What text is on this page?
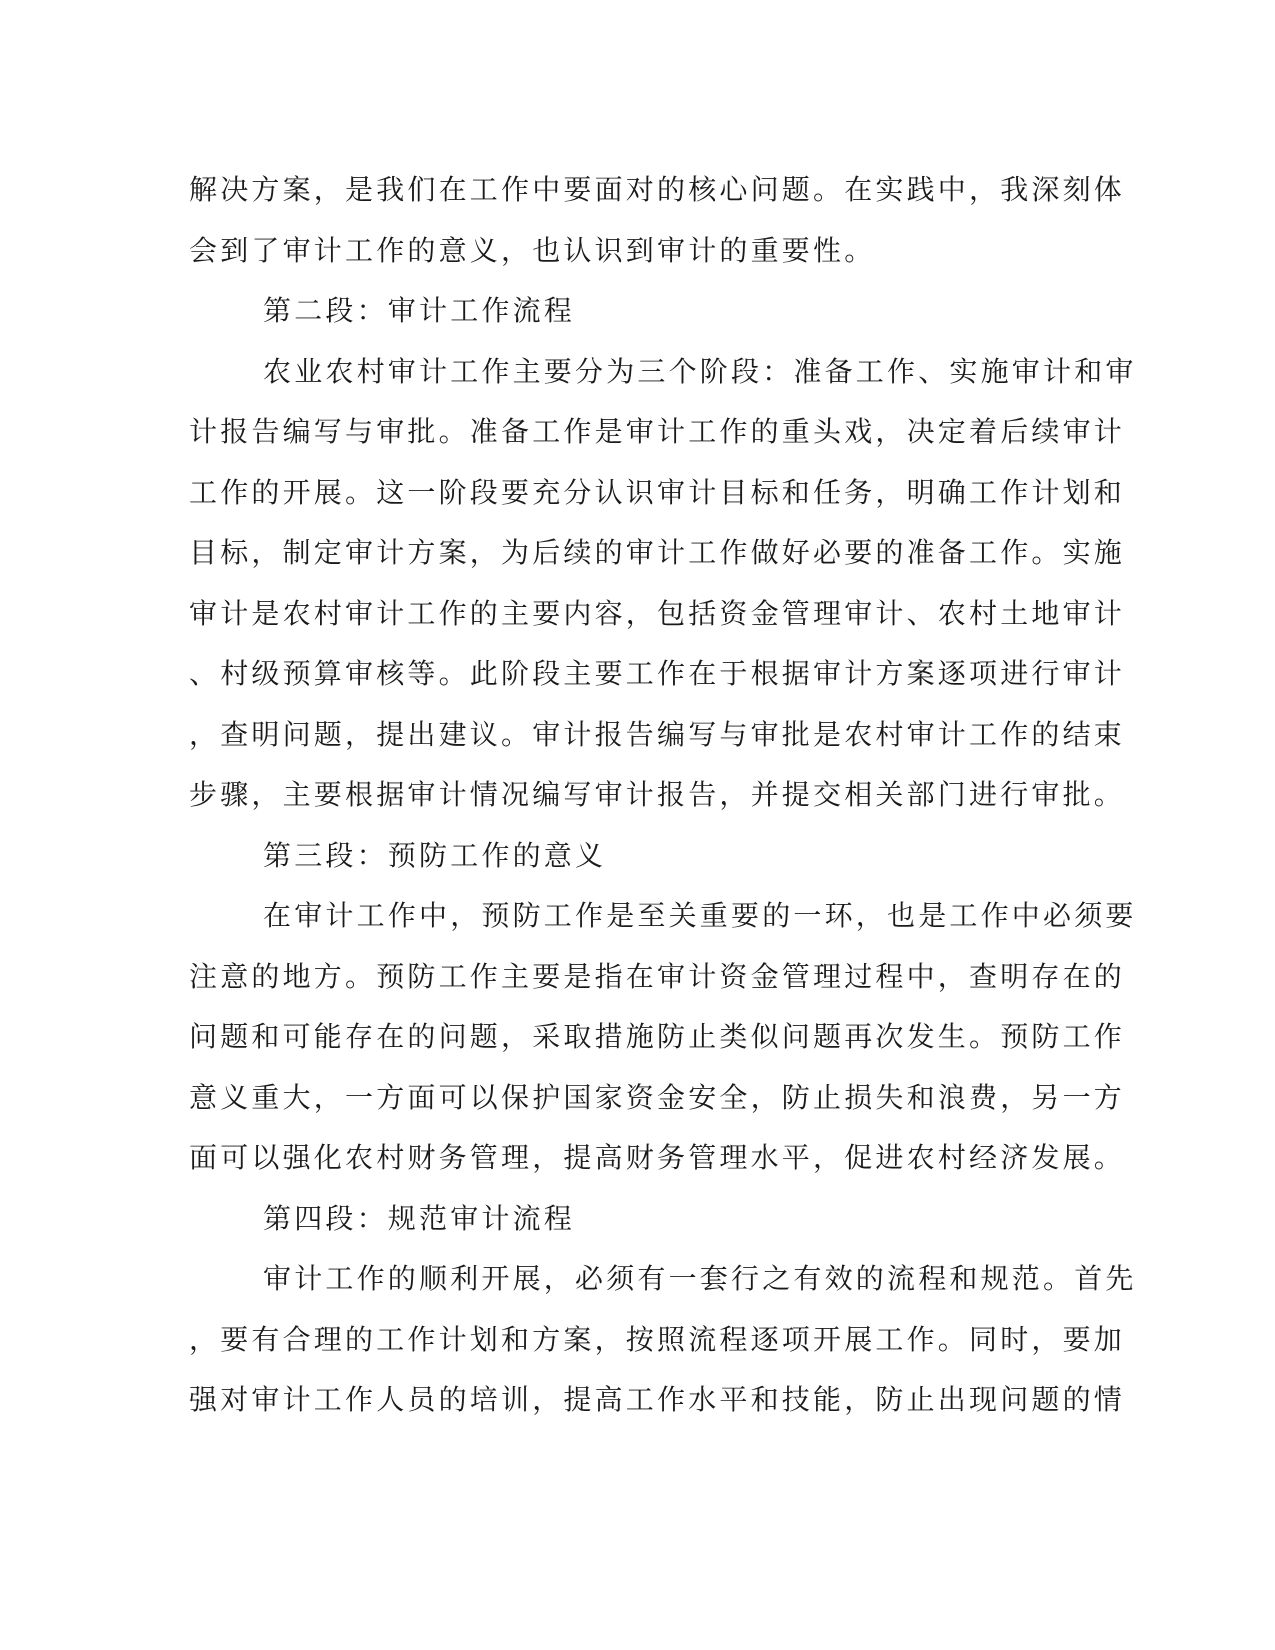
解决方案，是我们在工作中要面对的核心问题。在实践中，我深刻体
会到了审计工作的意义，也认识到审计的重要性。
第二段：审计工作流程
农业农村审计工作主要分为三个阶段：准备工作、实施审计和审
计报告编写与审批。准备工作是审计工作的重头戏，决定着后续审计
工作的开展。这一阶段要充分认识审计目标和任务，明确工作计划和
目标，制定审计方案，为后续的审计工作做好必要的准备工作。实施
审计是农村审计工作的主要内容，包括资金管理审计、农村土地审计
、村级预算审核等。此阶段主要工作在于根据审计方案逐项进行审计
，查明问题，提出建议。审计报告编写与审批是农村审计工作的结束
步骤，主要根据审计情况编写审计报告，并提交相关部门进行审批。
第三段：预防工作的意义
在审计工作中，预防工作是至关重要的一环，也是工作中必须要
注意的地方。预防工作主要是指在审计资金管理过程中，查明存在的
问题和可能存在的问题，采取措施防止类似问题再次发生。预防工作
意义重大，一方面可以保护国家资金安全，防止损失和浪费，另一方
面可以强化农村财务管理，提高财务管理水平，促进农村经济发展。
第四段：规范审计流程
审计工作的顺利开展，必须有一套行之有效的流程和规范。首先
，要有合理的工作计划和方案，按照流程逐项开展工作。同时，要加
强对审计工作人员的培训，提高工作水平和技能，防止出现问题的情
